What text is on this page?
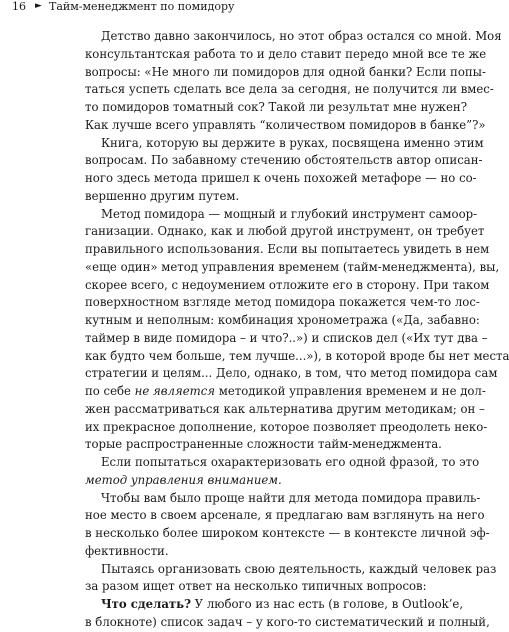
16 ► Тайм-менеджмент по помидору
Детство давно закончилось, но этот образ остался со мной. Моя
консультантская работа то и дело ставит передо мной все те же
вопросы: «Не много ли помидоров для одной банки? Если попы-
таться успеть сделать все дела за сегодня, не получится ли вмес-
то помидоров томатный сок? Такой ли результат мне нужен?
Как лучше всего управлять “количеством помидоров в банке”?»
Книга, которую вы держите в руках, посвящена именно этим
вопросам. По забавному стечению обстоятельств автор описан-
ного здесь метода пришел к очень похожей метафоре — но со-
вершенно другим путем.
Метод помидора — мощный и глубокий инструмент самоор-
ганизации. Однако, как и любой другой инструмент, он требует
правильного использования. Если вы попытаетесь увидеть в нем
«еще один» метод управления временем (тайм-менеджмента), вы,
скорее всего, с недоумением отложите его в сторону. При таком
поверхностном взгляде метод помидора покажется чем-то лос-
кутным и неполным: комбинация хронометража («Да, забавно:
таймер в виде помидора – и что?..») и списков дел («Их тут два –
как будто чем больше, тем лучше...»), в которой вроде бы нет места
стратегии и целям... Дело, однако, в том, что метод помидора сам
по себе не является методикой управления временем и не дол-
жен рассматриваться как альтернатива другим методикам; он –
их прекрасное дополнение, которое позволяет преодолеть неко-
торые распространенные сложности тайм-менеджмента.
Если попытаться охарактеризовать его одной фразой, то это
метод управления вниманием.
Чтобы вам было проще найти для метода помидора правиль-
ное место в своем арсенале, я предлагаю вам взглянуть на него
в несколько более широком контексте — в контексте личной эф-
фективности.
Пытаясь организовать свою деятельность, каждый человек раз
за разом ищет ответ на несколько типичных вопросов:
Что сделать? У любого из нас есть (в голове, в Outlook’e,
в блокноте) список задач – у кого-то систематический и полный,
